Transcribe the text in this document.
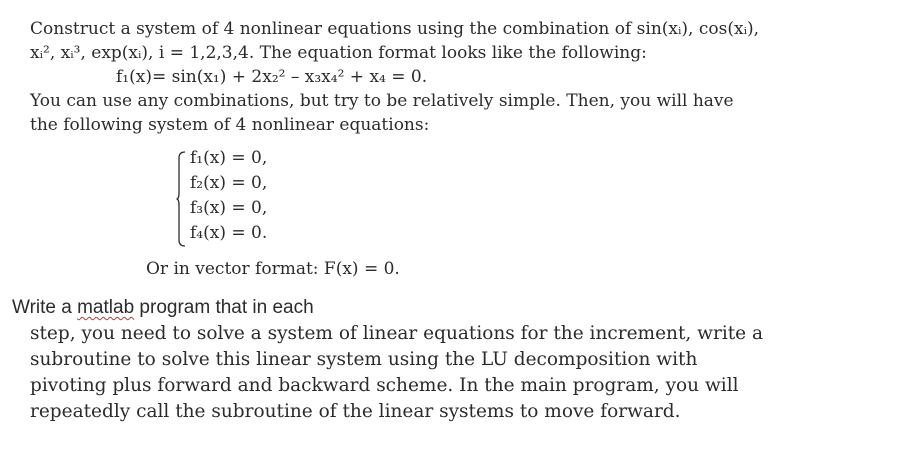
Construct a system of 4 nonlinear equations using the combination of sin(xᵢ), cos(xᵢ),
xᵢ², xᵢ³, exp(xᵢ), i = 1,2,3,4. The equation format looks like the following:
f₁(x)= sin(x₁) + 2x₂² – x₃x₄² + x₄ = 0.
You can use any combinations, but try to be relatively simple. Then, you will have
the following system of 4 nonlinear equations:
f₁(x) = 0,
f₂(x) = 0,
f₃(x) = 0,
f₄(x) = 0.
Or in vector format: F(x) = 0.
Write a matlab program that in each
step, you need to solve a system of linear equations for the increment, write a
subroutine to solve this linear system using the LU decomposition with
pivoting plus forward and backward scheme. In the main program, you will
repeatedly call the subroutine of the linear systems to move forward.
